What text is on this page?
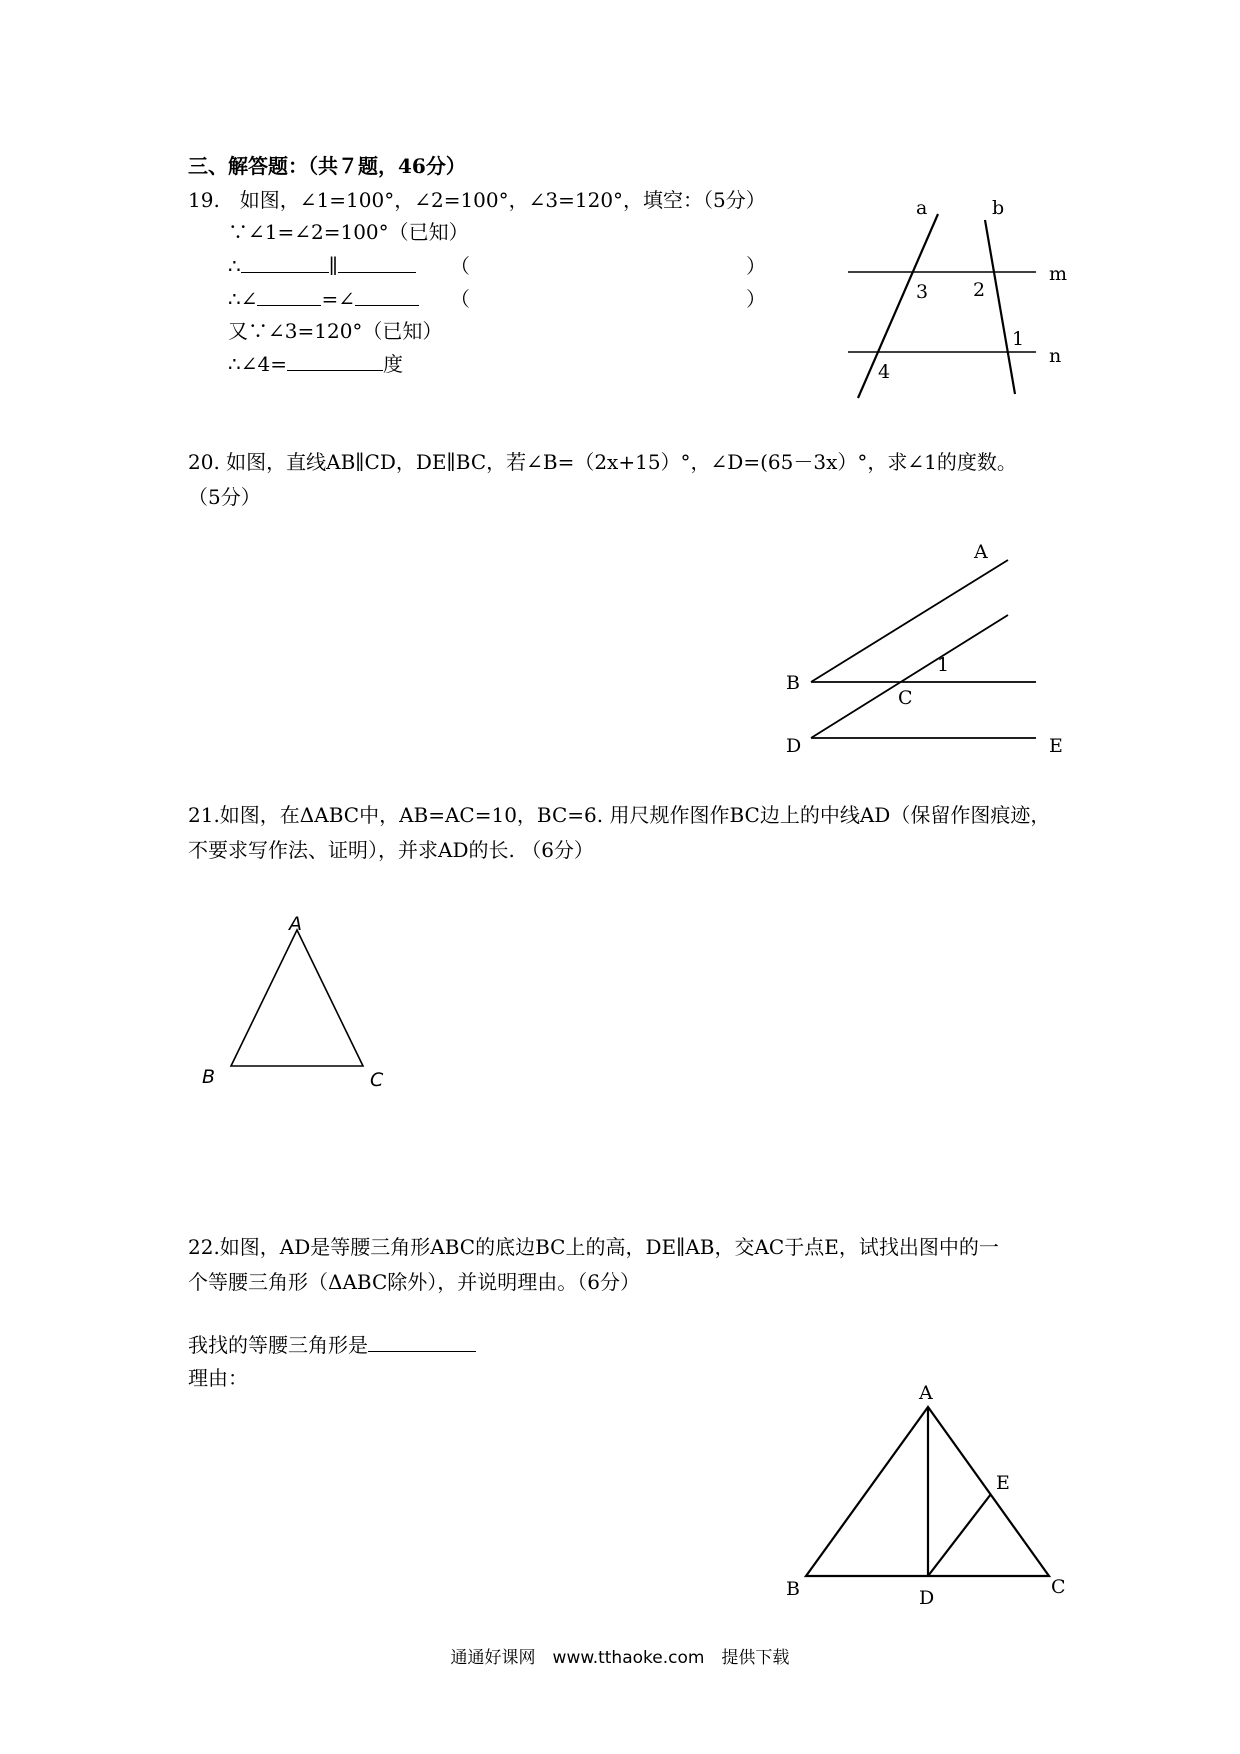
三、解答题：（共７题，46分）
19.　如图，∠1=100°，∠2=100°，∠3=120°，填空：（5分）
∵∠1=∠2=100°（已知）
∴	∥	（	）
∴∠	=∠	（	）
又∵∠3=120°（已知）
∴∠4=	度
20. 如图，直线AB∥CD，DE∥BC，若∠B=（2x+15）°，∠D=(65－3x）°，求∠1的度数。
（5分）
21.如图，在ΔABC中，AB=AC=10，BC=6. 用尺规作图作BC边上的中线AD（保留作图痕迹，
不要求写作法、证明），并求AD的长. （6分）
22.如图，AD是等腰三角形ABC的底边BC上的高，DE∥AB，交AC于点E，试找出图中的一
个等腰三角形（ΔABC除外），并说明理由。（6分）
我找的等腰三角形是
理由：
a	b
m
n
1
2
3
4
A
B
C
D	E
1
A
B	C
A
B	C
D
E
通通好课网　www.tthaoke.com　提供下载
